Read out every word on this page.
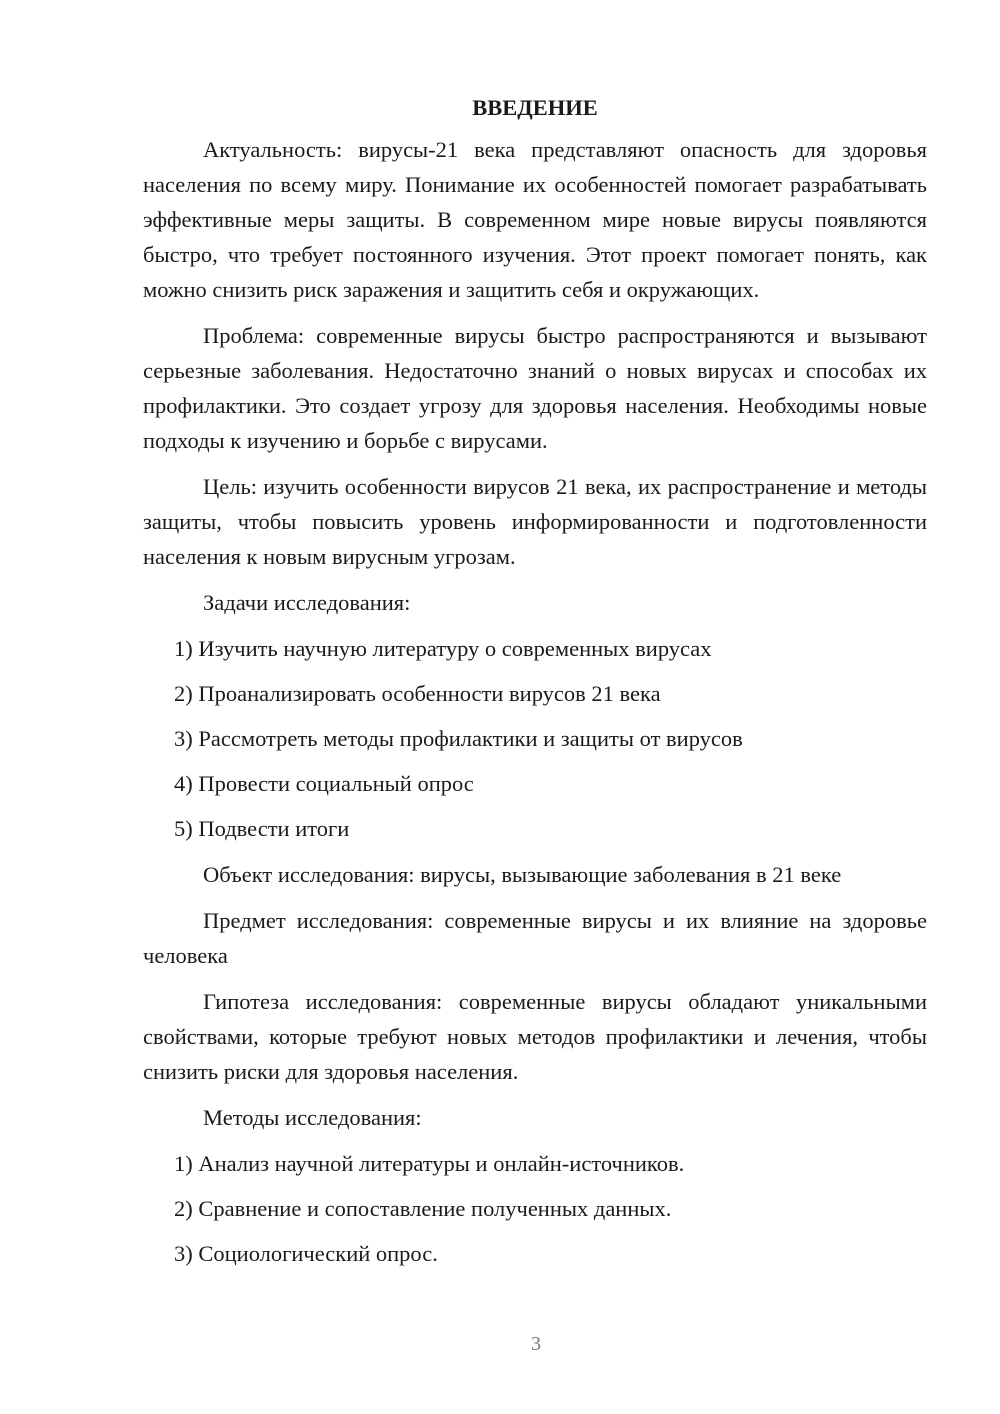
ВВЕДЕНИЕ

Актуальность: вирусы-21 века представляют опасность для здоровья населения по всему миру. Понимание их особенностей помогает разрабатывать эффективные меры защиты. В современном мире новые вирусы появляются быстро, что требует постоянного изучения. Этот проект помогает понять, как можно снизить риск заражения и защитить себя и окружающих.

Проблема: современные вирусы быстро распространяются и вызывают серьезные заболевания. Недостаточно знаний о новых вирусах и способах их профилактики. Это создает угрозу для здоровья населения. Необходимы новые подходы к изучению и борьбе с вирусами.

Цель: изучить особенности вирусов 21 века, их распространение и методы защиты, чтобы повысить уровень информированности и подготовленности населения к новым вирусным угрозам.

Задачи исследования:

1) Изучить научную литературу о современных вирусах
2) Проанализировать особенности вирусов 21 века
3) Рассмотреть методы профилактики и защиты от вирусов
4) Провести социальный опрос
5) Подвести итоги

Объект исследования: вирусы, вызывающие заболевания в 21 веке

Предмет исследования: современные вирусы и их влияние на здоровье человека

Гипотеза исследования: современные вирусы обладают уникальными свойствами, которые требуют новых методов профилактики и лечения, чтобы снизить риски для здоровья населения.

Методы исследования:

1) Анализ научной литературы и онлайн-источников.
2) Сравнение и сопоставление полученных данных.
3) Социологический опрос.
3
